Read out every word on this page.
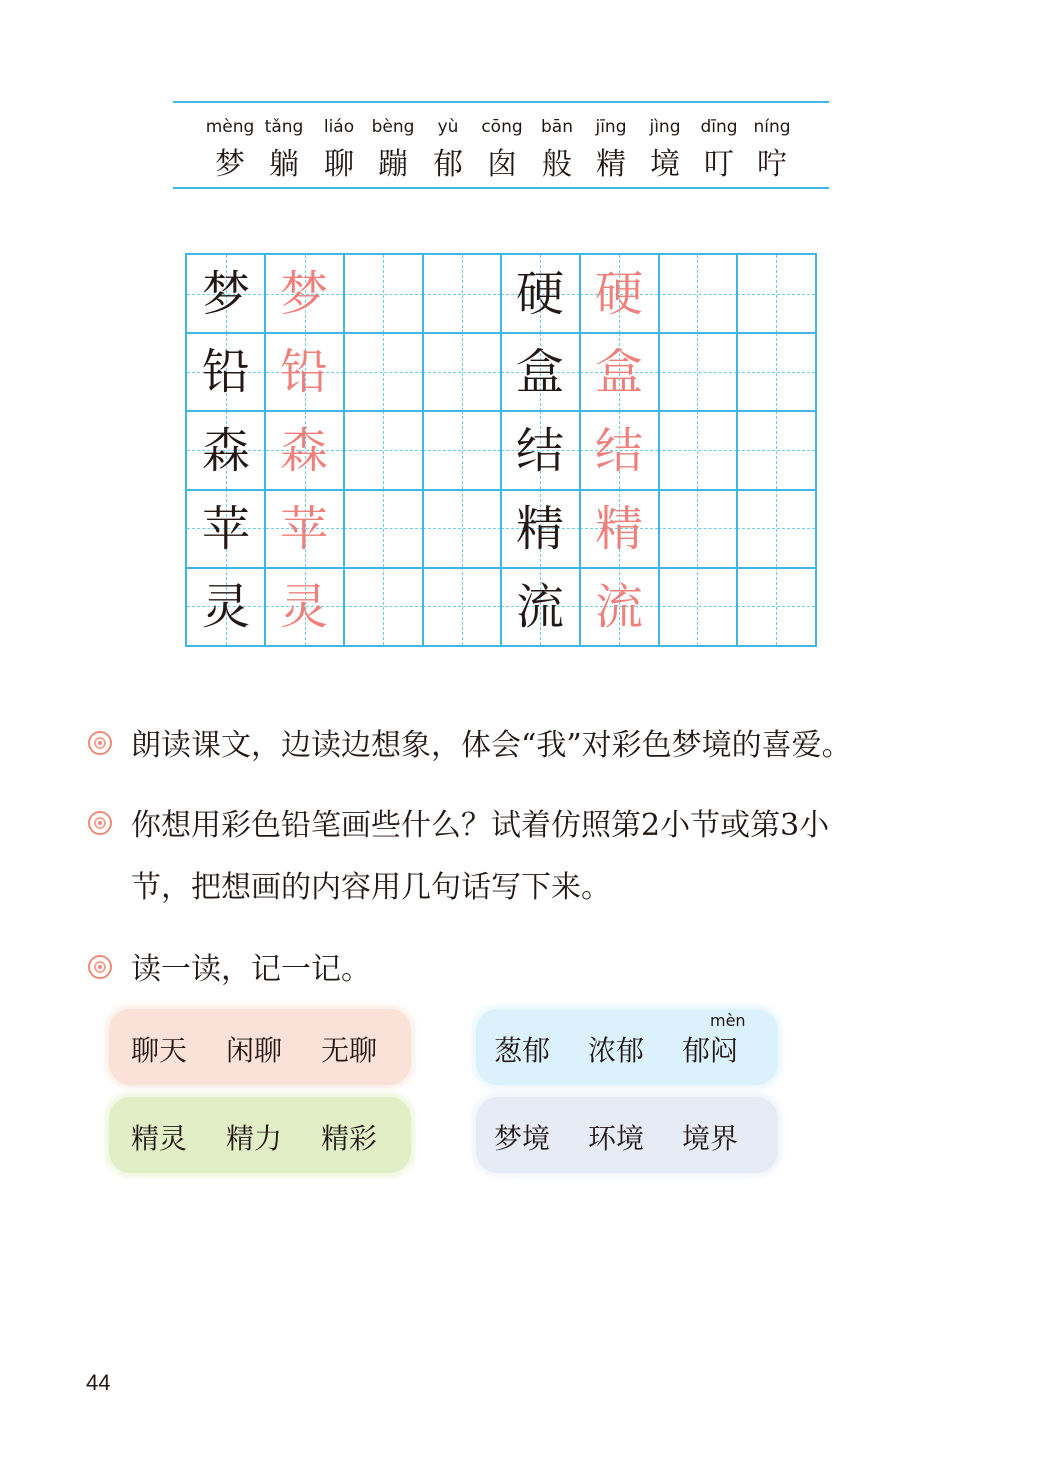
mèng
梦
tǎng
躺
liáo
聊
bèng
蹦
yù
郁
cōng
囱
bān
般
jīng
精
jìng
境
dīng
叮
níng
咛
梦 梦
铅 铅
森 森
苹 苹
灵 灵
硬 硬
盒 盒
结 结
精 精
流 流
朗读课文，边读边想象，体会“我”对彩色梦境的喜爱。
你想用彩色铅笔画些什么？试着仿照第2小节或第3小
节，把想画的内容用几句话写下来。
读一读，记一记。
聊天 闲聊 无聊	葱郁 浓郁 郁闷
mèn
精灵 精力 精彩	梦境 环境 境界
44
